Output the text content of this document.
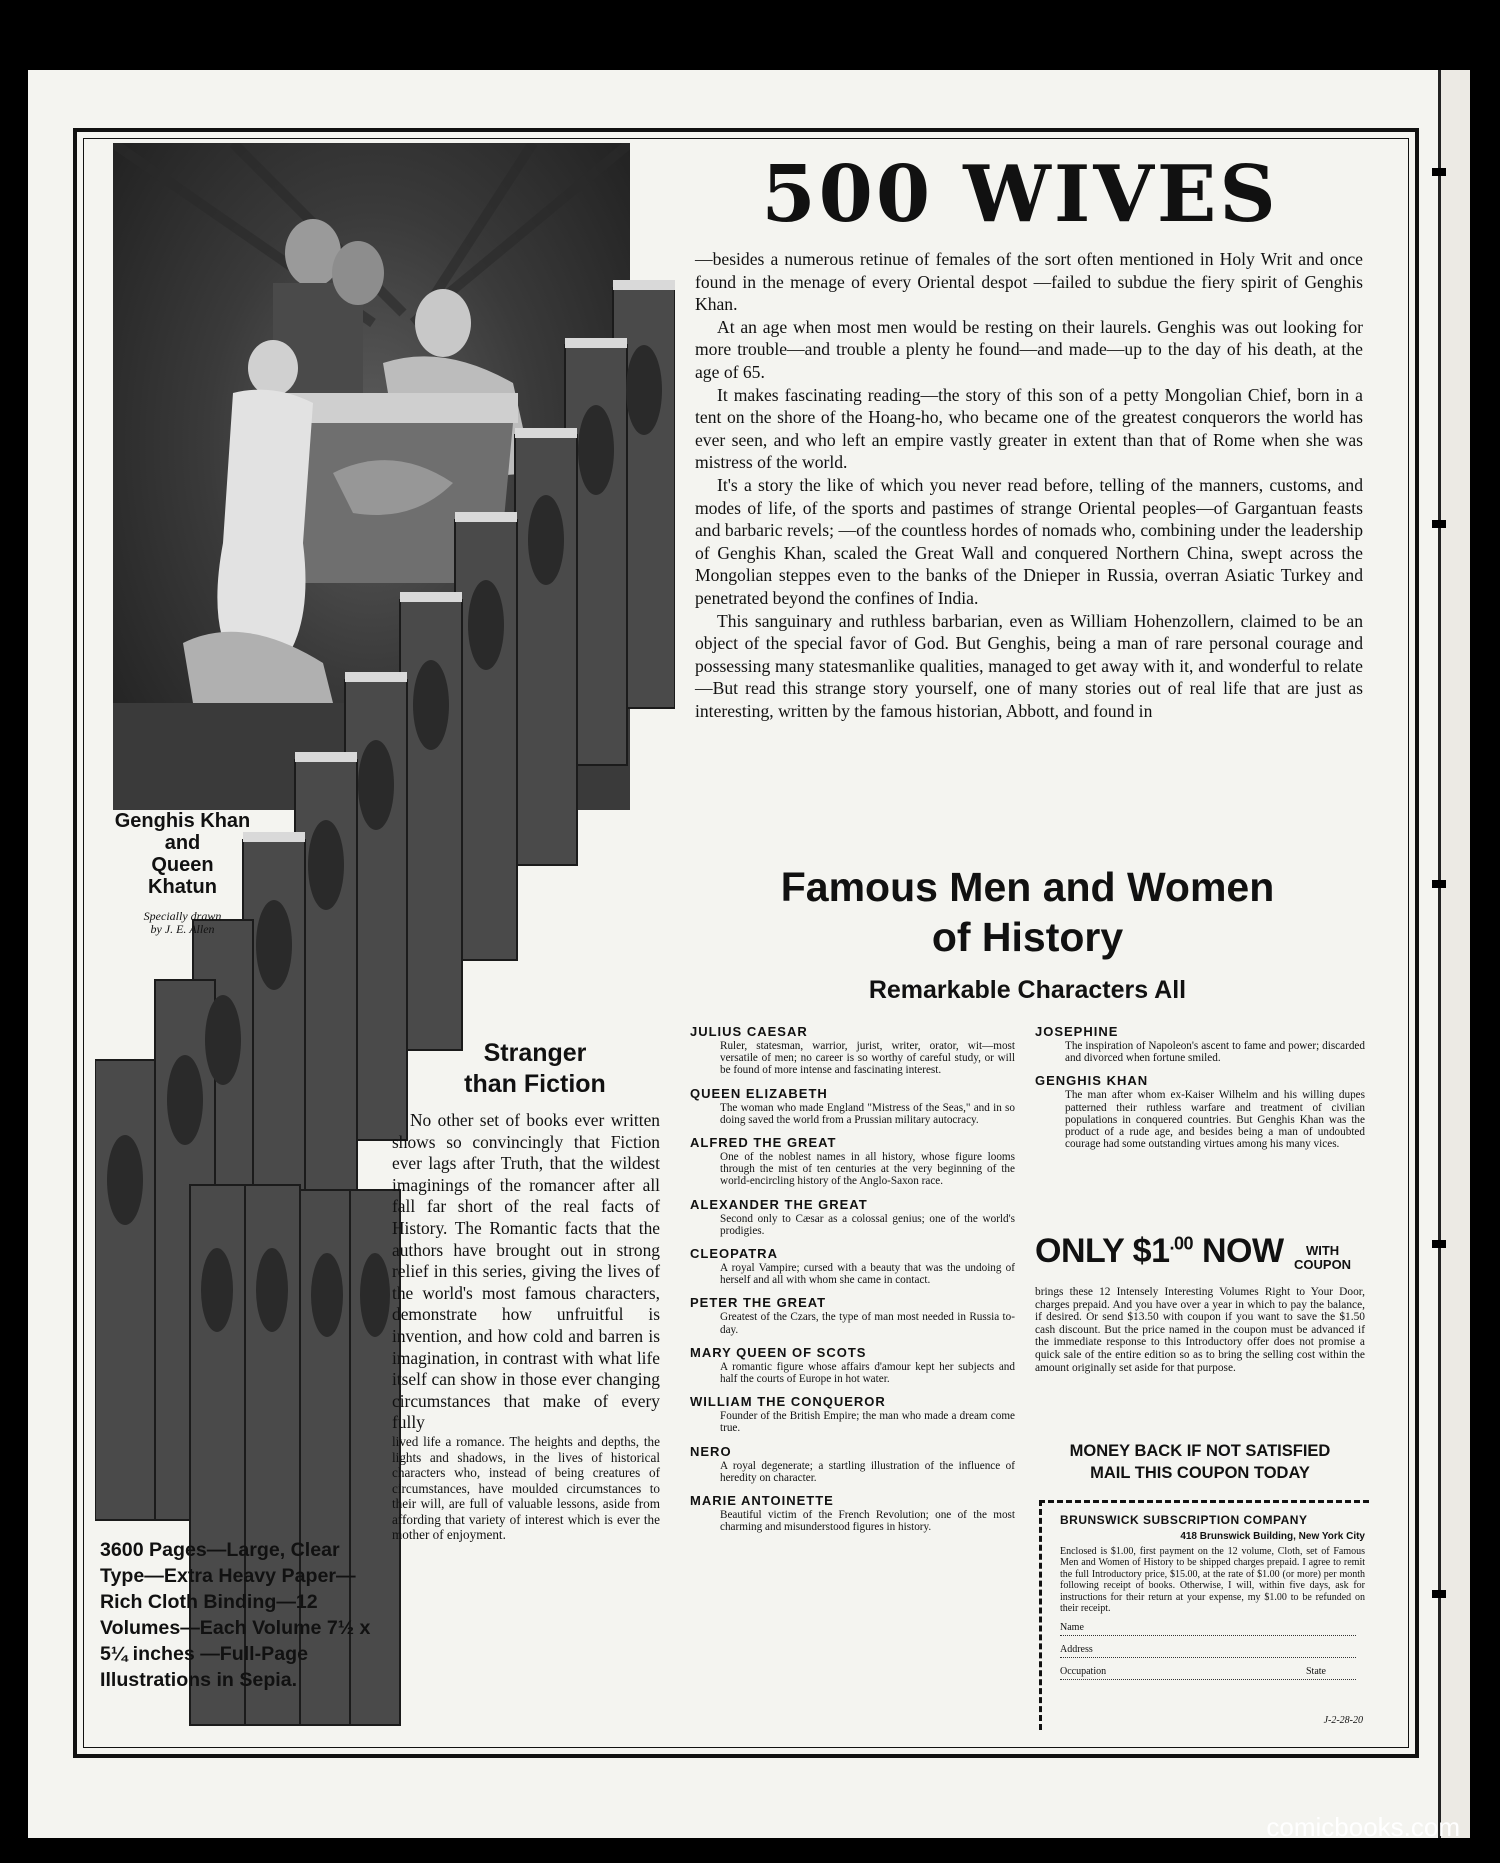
Genghis Khan
and
Queen
Khatun
Specially drawn
by J. E. Allen
500 WIVES

—besides a numerous retinue of females of the sort often mentioned in Holy Writ and once found in the menage of every Oriental despot —failed to subdue the fiery spirit of Genghis Khan.

At an age when most men would be resting on their laurels. Genghis was out looking for more trouble—and trouble a plenty he found—and made—up to the day of his death, at the age of 65.

It makes fascinating reading—the story of this son of a petty Mongolian Chief, born in a tent on the shore of the Hoang-ho, who became one of the greatest conquerors the world has ever seen, and who left an empire vastly greater in extent than that of Rome when she was mistress of the world.

It's a story the like of which you never read before, telling of the manners, customs, and modes of life, of the sports and pastimes of strange Oriental peoples—of Gargantuan feasts and barbaric revels; —of the countless hordes of nomads who, combining under the leadership of Genghis Khan, scaled the Great Wall and conquered Northern China, swept across the Mongolian steppes even to the banks of the Dnieper in Russia, overran Asiatic Turkey and penetrated beyond the confines of India.

This sanguinary and ruthless barbarian, even as William Hohenzollern, claimed to be an object of the special favor of God. But Genghis, being a man of rare personal courage and possessing many statesmanlike qualities, managed to get away with it, and wonderful to relate—But read this strange story yourself, one of many stories out of real life that are just as interesting, written by the famous historian, Abbott, and found in

Famous Men and Women
of History
Remarkable Characters All
Stranger
than Fiction

No other set of books ever written shows so convincingly that Fiction ever lags after Truth, that the wildest imaginings of the romancer after all fall far short of the real facts of History. The Romantic facts that the authors have brought out in strong relief in this series, giving the lives of the world's most famous characters, demonstrate how unfruitful is invention, and how cold and barren is imagination, in contrast with what life itself can show in those ever changing circumstances that make of every fully

lived life a romance. The heights and depths, the lights and shadows, in the lives of historical characters who, instead of being creatures of circumstances, have moulded circumstances to their will, are full of valuable lessons, aside from affording that variety of interest which is ever the mother of enjoyment.

3600 Pages—Large, Clear Type—Extra Heavy Paper—Rich Cloth Binding—12 Volumes—Each Volume 7½ x 5¼ inches —Full-Page Illustrations in Sepia.
JULIUS CAESAR

Ruler, statesman, warrior, jurist, writer, orator, wit—most versatile of men; no career is so worthy of careful study, or will be found of more intense and fascinating interest.

QUEEN ELIZABETH

The woman who made England "Mistress of the Seas," and in so doing saved the world from a Prussian military autocracy.

ALFRED THE GREAT

One of the noblest names in all history, whose figure looms through the mist of ten centuries at the very beginning of the world-encircling history of the Anglo-Saxon race.

ALEXANDER THE GREAT

Second only to Cæsar as a colossal genius; one of the world's prodigies.

CLEOPATRA

A royal Vampire; cursed with a beauty that was the undoing of herself and all with whom she came in contact.

PETER THE GREAT

Greatest of the Czars, the type of man most needed in Russia to-day.

MARY QUEEN OF SCOTS

A romantic figure whose affairs d'amour kept her subjects and half the courts of Europe in hot water.

WILLIAM THE CONQUEROR

Founder of the British Empire; the man who made a dream come true.

NERO

A royal degenerate; a startling illustration of the influence of heredity on character.

MARIE ANTOINETTE

Beautiful victim of the French Revolution; one of the most charming and misunderstood figures in history.

JOSEPHINE

The inspiration of Napoleon's ascent to fame and power; discarded and divorced when fortune smiled.

GENGHIS KHAN

The man after whom ex-Kaiser Wilhelm and his willing dupes patterned their ruthless warfare and treatment of civilian populations in conquered countries. But Genghis Khan was the product of a rude age, and besides being a man of undoubted courage had some outstanding virtues among his many vices.

ONLY $\$1^{.00}$ NOW WITH
COUPON
brings these 12 Intensely Interesting Volumes Right to Your Door, charges prepaid. And you have over a year in which to pay the balance, if desired. Or send $13.50 with coupon if you want to save the $1.50 cash discount. But the price named in the coupon must be advanced if the immediate response to this Introductory offer does not promise a quick sale of the entire edition so as to bring the selling cost within the amount originally set aside for that purpose.
MONEY BACK IF NOT SATISFIED
MAIL THIS COUPON TODAY
BRUNSWICK SUBSCRIPTION COMPANY
418 Brunswick Building, New York City

Enclosed is $1.00, first payment on the 12 volume, Cloth, set of Famous Men and Women of History to be shipped charges prepaid. I agree to remit the full Introductory price, $15.00, at the rate of $1.00 (or more) per month following receipt of books. Otherwise, I will, within five days, ask for instructions for their return at your expense, my $1.00 to be refunded on their receipt.

Name
Address
Occupation	State
J-2-28-20
comicbooks.com
